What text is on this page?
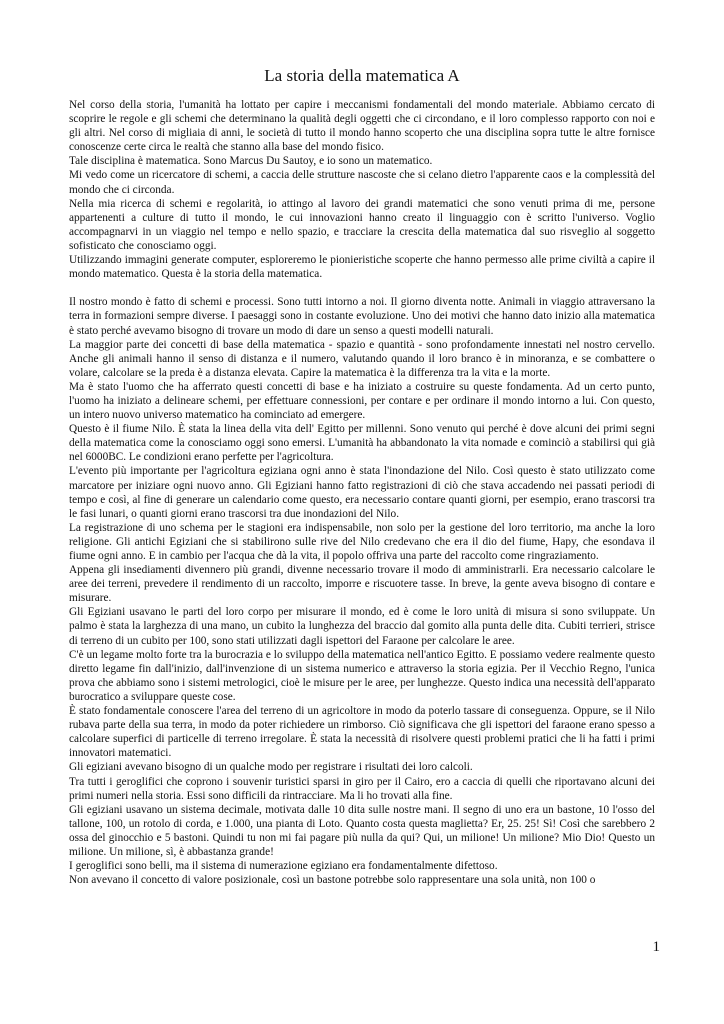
La storia della matematica A

Nel corso della storia, l'umanità ha lottato per capire i meccanismi fondamentali del mondo materiale. Abbiamo cercato di scoprire le regole e gli schemi che determinano la qualità degli oggetti che ci circondano, e il loro complesso rapporto con noi e gli altri. Nel corso di migliaia di anni, le società di tutto il mondo hanno scoperto che una disciplina sopra tutte le altre fornisce conoscenze certe circa le realtà che stanno alla base del mondo fisico.

Tale disciplina è matematica. Sono Marcus Du Sautoy, e io sono un matematico.

Mi vedo come un ricercatore di schemi, a caccia delle strutture nascoste che si celano dietro l'apparente caos e la complessità del mondo che ci circonda.

Nella mia ricerca di schemi e regolarità, io attingo al lavoro dei grandi matematici che sono venuti prima di me, persone appartenenti a culture di tutto il mondo, le cui innovazioni hanno creato il linguaggio con è scritto l'universo. Voglio accompagnarvi in un viaggio nel tempo e nello spazio, e tracciare la crescita della matematica dal suo risveglio al soggetto sofisticato che conosciamo oggi.

Utilizzando immagini generate computer, esploreremo le pionieristiche scoperte che hanno permesso alle prime civiltà a capire il mondo matematico. Questa è la storia della matematica.

Il nostro mondo è fatto di schemi e processi. Sono tutti intorno a noi. Il giorno diventa notte. Animali in viaggio attraversano la terra in formazioni sempre diverse. I paesaggi sono in costante evoluzione. Uno dei motivi che hanno dato inizio alla matematica è stato perché avevamo bisogno di trovare un modo di dare un senso a questi modelli naturali.

La maggior parte dei concetti di base della matematica - spazio e quantità - sono profondamente innestati nel nostro cervello. Anche gli animali hanno il senso di distanza e il numero, valutando quando il loro branco è in minoranza, e se combattere o volare, calcolare se la preda è a distanza elevata. Capire la matematica è la differenza tra la vita e la morte.

Ma è stato l'uomo che ha afferrato questi concetti di base e ha iniziato a costruire su queste fondamenta. Ad un certo punto, l'uomo ha iniziato a delineare schemi, per effettuare connessioni, per contare e per ordinare il mondo intorno a lui. Con questo, un intero nuovo universo matematico ha cominciato ad emergere.

Questo è il fiume Nilo. È stata la linea della vita dell' Egitto per millenni. Sono venuto qui perché è dove alcuni dei primi segni della matematica come la conosciamo oggi sono emersi. L'umanità ha abbandonato la vita nomade e cominciò a stabilirsi qui già nel 6000BC. Le condizioni erano perfette per l'agricoltura.

L'evento più importante per l'agricoltura egiziana ogni anno è stata l'inondazione del Nilo. Così questo è stato utilizzato come marcatore per iniziare ogni nuovo anno. Gli Egiziani hanno fatto registrazioni di ciò che stava accadendo nei passati periodi di tempo e così, al fine di generare un calendario come questo, era necessario contare quanti giorni, per esempio, erano trascorsi tra le fasi lunari, o quanti giorni erano trascorsi tra due inondazioni del Nilo.

La registrazione di uno schema per le stagioni era indispensabile, non solo per la gestione del loro territorio, ma anche la loro religione. Gli antichi Egiziani che si stabilirono sulle rive del Nilo credevano che era il dio del fiume, Hapy, che esondava il fiume ogni anno. E in cambio per l'acqua che dà la vita, il popolo offriva una parte del raccolto come ringraziamento.

Appena gli insediamenti divennero più grandi, divenne necessario trovare il modo di amministrarli. Era necessario calcolare le aree dei terreni, prevedere il rendimento di un raccolto, imporre e riscuotere tasse. In breve, la gente aveva bisogno di contare e misurare.

Gli Egiziani usavano le parti del loro corpo per misurare il mondo, ed è come le loro unità di misura si sono sviluppate. Un palmo è stata la larghezza di una mano, un cubito la lunghezza del braccio dal gomito alla punta delle dita. Cubiti terrieri, strisce di terreno di un cubito per 100, sono stati utilizzati dagli ispettori del Faraone per calcolare le aree.

C'è un legame molto forte tra la burocrazia e lo sviluppo della matematica nell'antico Egitto. E possiamo vedere realmente questo diretto legame fin dall'inizio, dall'invenzione di un sistema numerico e attraverso la storia egizia. Per il Vecchio Regno, l'unica prova che abbiamo sono i sistemi metrologici, cioè le misure per le aree, per lunghezze. Questo indica una necessità dell'apparato burocratico a sviluppare queste cose.

È stato fondamentale conoscere l'area del terreno di un agricoltore in modo da poterlo tassare di conseguenza. Oppure, se il Nilo rubava parte della sua terra, in modo da poter richiedere un rimborso. Ciò significava che gli ispettori del faraone erano spesso a calcolare superfici di particelle di terreno irregolare. È stata la necessità di risolvere questi problemi pratici che li ha fatti i primi innovatori matematici.

Gli egiziani avevano bisogno di un qualche modo per registrare i risultati dei loro calcoli.

Tra tutti i geroglifici che coprono i souvenir turistici sparsi in giro per il Cairo, ero a caccia di quelli che riportavano alcuni dei primi numeri nella storia. Essi sono difficili da rintracciare. Ma li ho trovati alla fine.

Gli egiziani usavano un sistema decimale, motivata dalle 10 dita sulle nostre mani. Il segno di uno era un bastone, 10 l'osso del tallone, 100, un rotolo di corda, e 1.000, una pianta di Loto. Quanto costa questa maglietta? Er, 25. 25! Sì! Così che sarebbero 2 ossa del ginocchio e 5 bastoni. Quindi tu non mi fai pagare più nulla da qui? Qui, un milione! Un milione? Mio Dio! Questo un milione. Un milione, sì, è abbastanza grande!

I geroglifici sono belli, ma il sistema di numerazione egiziano era fondamentalmente difettoso.

Non avevano il concetto di valore posizionale, così un bastone potrebbe solo rappresentare una sola unità, non 100 o

1
